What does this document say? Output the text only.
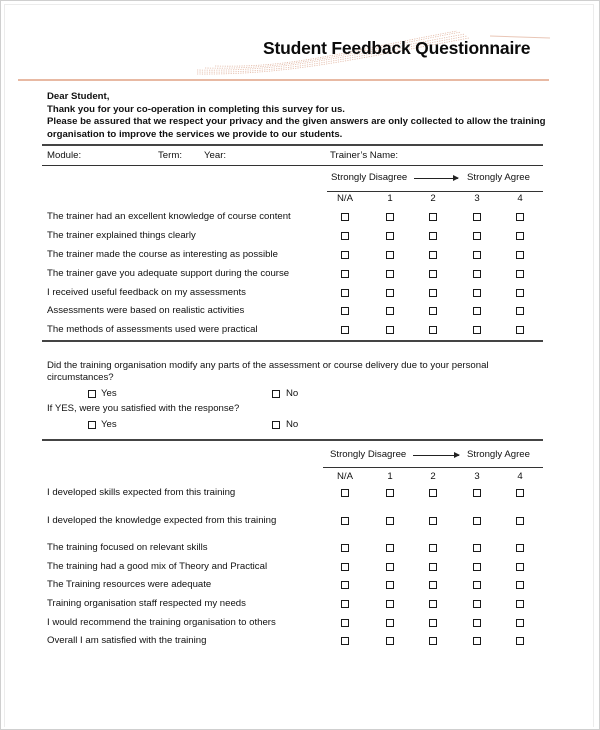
Student Feedback Questionnaire
Dear Student,
Thank you for your co-operation in completing this survey for us.
Please be assured that we respect your privacy and the given answers are only collected to allow the training
organisation to improve the services we provide to our students.
Module:	Term: Year:	Trainer’s Name:
Strongly Disagree	Strongly Agree
N/A	1	2	3	4
The trainer had an excellent knowledge of course content
The trainer explained things clearly
The trainer made the course as interesting as possible
The trainer gave you adequate support during the course
I received useful feedback on my assessments
Assessments were based on realistic activities
The methods of assessments used were practical
Did the training organisation modify any parts of the assessment or course delivery due to your personal
circumstances?
Yes	No
If YES, were you satisfied with the response?
Yes	No
Strongly Disagree	Strongly Agree
N/A	1	2	3	4
I developed skills expected from this training
I developed the knowledge expected from this training
The training focused on relevant skills
The training had a good mix of Theory and Practical
The Training resources were adequate
Training organisation staff respected my needs
I would recommend the training organisation to others
Overall I am satisfied with the training
